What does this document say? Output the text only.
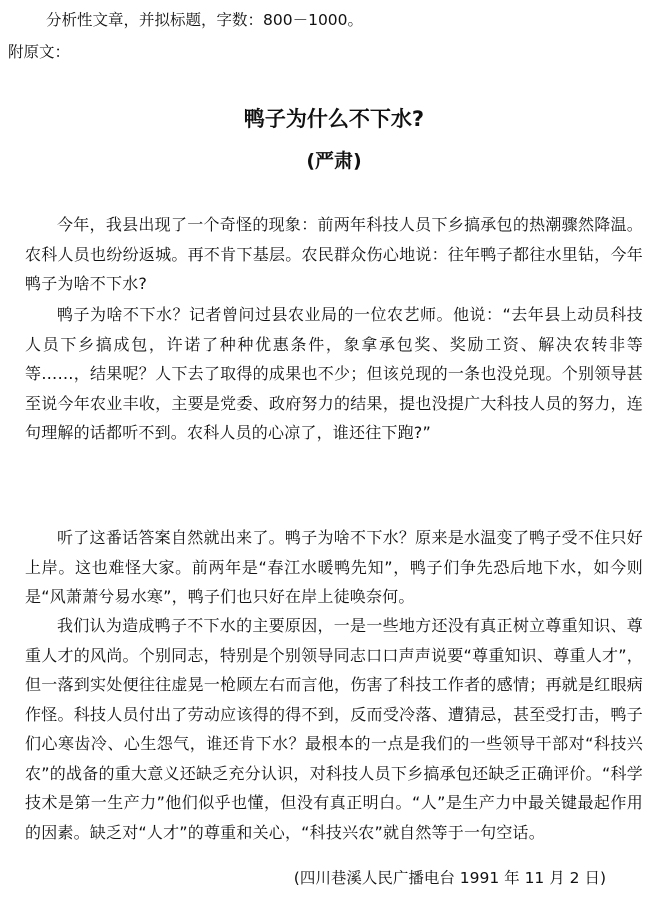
分析性文章，并拟标题，字数：800－1000。
附原文：
鸭子为什么不下水?
(严肃)
今年，我县出现了一个奇怪的现象：前两年科技人员下乡搞承包的热潮骤然降温。农科人员也纷纷返城。再不肯下基层。农民群众伤心地说：往年鸭子都往水里钻，今年鸭子为啥不下水?
鸭子为啥不下水？记者曾问过县农业局的一位农艺师。他说：“去年县上动员科技人员下乡搞成包，许诺了种种优惠条件，象拿承包奖、奖励工资、解决农转非等等……，结果呢？人下去了取得的成果也不少；但该兑现的一条也没兑现。个别领导甚至说今年农业丰收，主要是党委、政府努力的结果，提也没提广大科技人员的努力，连句理解的话都听不到。农科人员的心凉了，谁还往下跑?”
听了这番话答案自然就出来了。鸭子为啥不下水？原来是水温变了鸭子受不住只好上岸。这也难怪大家。前两年是“春江水暖鸭先知”，鸭子们争先恐后地下水，如今则是“风萧萧兮易水寒”，鸭子们也只好在岸上徒唤奈何。
我们认为造成鸭子不下水的主要原因，一是一些地方还没有真正树立尊重知识、尊重人才的风尚。个别同志，特别是个别领导同志口口声声说要“尊重知识、尊重人才”，但一落到实处便往往虚晃一枪顾左右而言他，伤害了科技工作者的感情；再就是红眼病作怪。科技人员付出了劳动应该得的得不到，反而受冷落、遭猜忌，甚至受打击，鸭子们心寒齿冷、心生怨气，谁还肯下水？最根本的一点是我们的一些领导干部对“科技兴农”的战备的重大意义还缺乏充分认识，对科技人员下乡搞承包还缺乏正确评价。“科学技术是第一生产力”他们似乎也懂，但没有真正明白。“人”是生产力中最关键最起作用的因素。缺乏对“人才”的尊重和关心，“科技兴农”就自然等于一句空话。
(四川巷溪人民广播电台 1991 年 11 月 2 日)
